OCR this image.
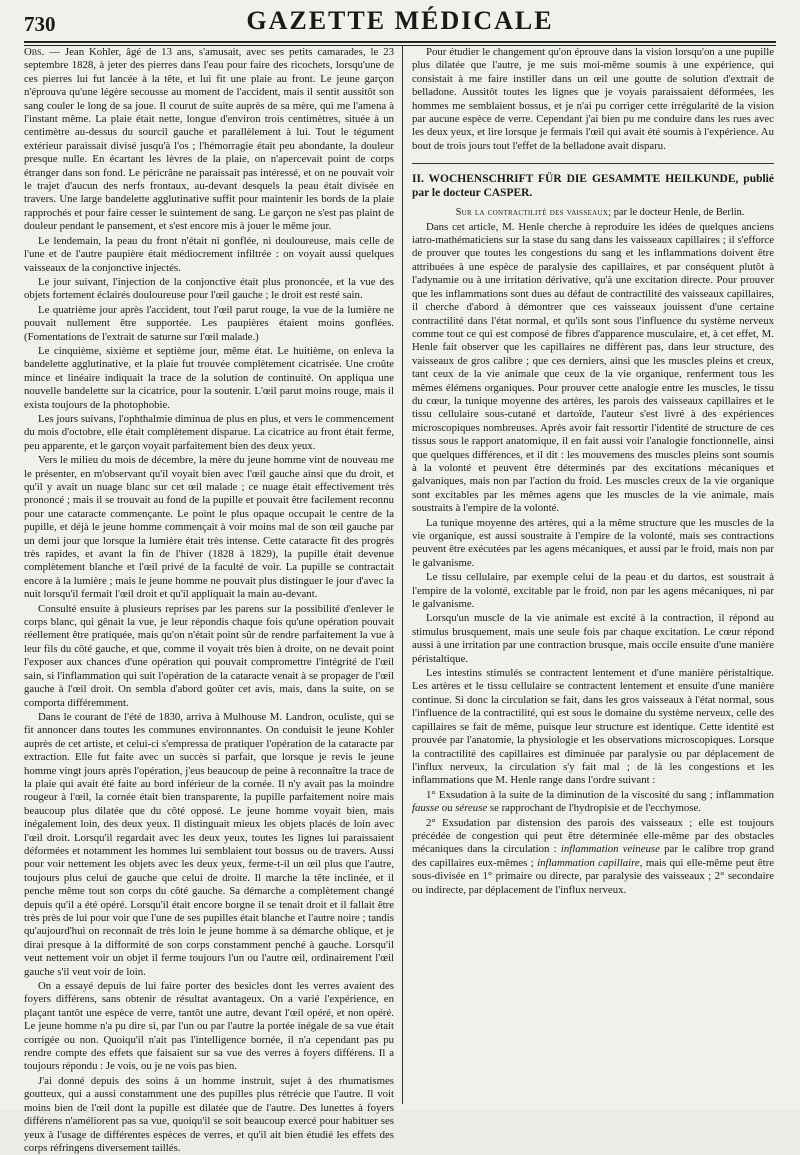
730	GAZETTE MÉDICALE

Obs. — Jean Kohler, âgé de 13 ans, s'amusait, avec ses petits camarades, le 23 septembre 1828, à jeter des pierres dans l'eau pour faire des ricochets, lorsqu'une de ces pierres lui fut lancée à la tête, et lui fit une plaie au front. Le jeune garçon n'éprouva qu'une légère secousse au moment de l'accident, mais il sentit aussitôt son sang couler le long de sa joue. Il courut de suite auprès de sa mère, qui me l'amena à l'instant même. La plaie était nette, longue d'environ trois centimètres, située à un centimètre au-dessus du sourcil gauche et parallèlement à lui. Tout le tégument extérieur paraissait divisé jusqu'à l'os ; l'hémorragie était peu abondante, la douleur presque nulle. En écartant les lèvres de la plaie, on n'apercevait point de corps étranger dans son fond. Le péricrâne ne paraissait pas intéressé, et on ne pouvait voir le trajet d'aucun des nerfs frontaux, au-devant desquels la peau était divisée en travers. Une large bandelette agglutinative suffit pour maintenir les bords de la plaie rapprochés et pour faire cesser le suintement de sang. Le garçon ne s'est pas plaint de douleur pendant le pansement, et s'est encore mis à jouer le même jour.

Le lendemain, la peau du front n'était ni gonflée, ni douloureuse, mais celle de l'une et de l'autre paupière était médiocrement infiltrée : on voyait aussi quelques vaisseaux de la conjonctive injectés.

Le jour suivant, l'injection de la conjonctive était plus prononcée, et la vue des objets fortement éclairés douloureuse pour l'œil gauche ; le droit est resté sain.

Le quatrième jour après l'accident, tout l'œil parut rouge, la vue de la lumière ne pouvait nullement être supportée. Les paupières étaient moins gonflées. (Fomentations de l'extrait de saturne sur l'œil malade.)

Le cinquième, sixième et septième jour, même état. Le huitième, on enleva la bandelette agglutinative, et la plaie fut trouvée complètement cicatrisée. Une croûte mince et linéaire indiquait la trace de la solution de continuité. On appliqua une nouvelle bandelette sur la cicatrice, pour la soutenir. L'œil parut moins rouge, mais il exista toujours de la photophobie.

Les jours suivans, l'ophthalmie diminua de plus en plus, et vers le commencement du mois d'octobre, elle était complètement disparue. La cicatrice au front était ferme, peu apparente, et le garçon voyait parfaitement bien des deux yeux.

Vers le milieu du mois de décembre, la mère du jeune homme vint de nouveau me le présenter, en m'observant qu'il voyait bien avec l'œil gauche ainsi que du droit, et qu'il y avait un nuage blanc sur cet œil malade ; ce nuage était effectivement très prononcé ; mais il se trouvait au fond de la pupille et pouvait être facilement reconnu pour une cataracte commençante. Le point le plus opaque occupait le centre de la pupille, et déjà le jeune homme commençait à voir moins mal de son œil gauche par un demi jour que lorsque la lumière était très intense. Cette cataracte fit des progrès très rapides, et avant la fin de l'hiver (1828 à 1829), la pupille était devenue complètement blanche et l'œil privé de la faculté de voir. La pupille se contractait encore à la lumière ; mais le jeune homme ne pouvait plus distinguer le jour d'avec la nuit lorsqu'il fermait l'œil droit et qu'il appliquait la main au-devant.

Consulté ensuite à plusieurs reprises par les parens sur la possibilité d'enlever le corps blanc, qui gênait la vue, je leur répondis chaque fois qu'une opération pouvait réellement être pratiquée, mais qu'on n'était point sûr de rendre parfaitement la vue à leur fils du côté gauche, et que, comme il voyait très bien à droite, on ne devait point l'exposer aux chances d'une opération qui pouvait compromettre l'intégrité de l'œil sain, si l'inflammation qui suit l'opération de la cataracte venait à se propager de l'œil gauche à l'œil droit. On sembla d'abord goûter cet avis, mais, dans la suite, on se comporta différemment.

Dans le courant de l'été de 1830, arriva à Mulhouse M. Landron, oculiste, qui se fit annoncer dans toutes les communes environnantes. On conduisit le jeune Kohler auprès de cet artiste, et celui-ci s'empressa de pratiquer l'opération de la cataracte par extraction. Elle fut faite avec un succès si parfait, que lorsque je revis le jeune homme vingt jours après l'opération, j'eus beaucoup de peine à reconnaître la trace de la plaie qui avait été faite au bord inférieur de la cornée. Il n'y avait pas la moindre rougeur à l'œil, la cornée était bien transparente, la pupille parfaitement noire mais beaucoup plus dilatée que du côté opposé. Le jeune homme voyait bien, mais inégalement loin, des deux yeux. Il distinguait mieux les objets placés de loin avec l'œil droit. Lorsqu'il regardait avec les deux yeux, toutes les lignes lui paraissaient déformées et notamment les hommes lui semblaient tout bossus ou de travers. Aussi pour voir nettement les objets avec les deux yeux, ferme-t-il un œil plus que l'autre, toujours plus celui de gauche que celui de droite. Il marche la tête inclinée, et il penche même tout son corps du côté gauche. Sa démarche a complètement changé depuis qu'il a été opéré. Lorsqu'il était encore borgne il se tenait droit et il fallait être très près de lui pour voir que l'une de ses pupilles était blanche et l'autre noire ; tandis qu'aujourd'hui on reconnaît de très loin le jeune homme à sa démarche oblique, et je dirai presque à la difformité de son corps constamment penché à gauche. Lorsqu'il veut nettement voir un objet il ferme toujours l'un ou l'autre œil, ordinairement l'œil gauche s'il veut voir de loin.

On a essayé depuis de lui faire porter des besicles dont les verres avaient des foyers différens, sans obtenir de résultat avantageux. On a varié l'expérience, en plaçant tantôt une espèce de verre, tantôt une autre, devant l'œil opéré, et non opéré. Le jeune homme n'a pu dire si, par l'un ou par l'autre la portée inégale de sa vue était corrigée ou non. Quoiqu'il n'ait pas l'intelligence bornée, il n'a cependant pas pu rendre compte des effets que faisaient sur sa vue des verres à foyers différens. Il a toujours répondu : Je vois, ou je ne vois pas bien.

J'ai donné depuis des soins à un homme instruit, sujet à des rhumatismes goutteux, qui a aussi constamment une des pupilles plus rétrécie que l'autre. Il voit moins bien de l'œil dont la pupille est dilatée que de l'autre. Des lunettes à foyers différens n'améliorent pas sa vue, quoiqu'il se soit beaucoup exercé pour habituer ses yeux à l'usage de différentes espèces de verres, et qu'il ait bien étudié les effets des corps réfringens diversement taillés.

Pour étudier le changement qu'on éprouve dans la vision lorsqu'on a une pupille plus dilatée que l'autre, je me suis moi-même soumis à une expérience, qui consistait à me faire instiller dans un œil une goutte de solution d'extrait de belladone. Aussitôt toutes les lignes que je voyais paraissaient déformées, les hommes me semblaient bossus, et je n'ai pu corriger cette irrégularité de la vision par aucune espèce de verre. Cependant j'ai bien pu me conduire dans les rues avec les deux yeux, et lire lorsque je fermais l'œil qui avait été soumis à l'expérience. Au bout de trois jours tout l'effet de la belladone avait disparu.

II. WOCHENSCHRIFT FÜR DIE GESAMMTE HEILKUNDE, publié par le docteur CASPER.

Sur la contractilité des vaisseaux; par le docteur Henle, de Berlin.

Dans cet article, M. Henle cherche à reproduire les idées de quelques anciens iatro-mathématiciens sur la stase du sang dans les vaisseaux capillaires ; il s'efforce de prouver que toutes les congestions du sang et les inflammations doivent être attribuées à une espèce de paralysie des capillaires, et par conséquent plutôt à l'adynamie ou à une irritation dérivative, qu'à une excitation directe. Pour prouver que les inflammations sont dues au défaut de contractilité des vaisseaux capillaires, il cherche d'abord à démontrer que ces vaisseaux jouissent d'une certaine contractilité dans l'état normal, et qu'ils sont sous l'influence du système nerveux comme tout ce qui est composé de fibres d'apparence musculaire, et, à cet effet, M. Henle fait observer que les capillaires ne diffèrent pas, dans leur structure, des vaisseaux de gros calibre ; que ces derniers, ainsi que les muscles pleins et creux, tant ceux de la vie animale que ceux de la vie organique, renferment tous les mêmes élémens organiques. Pour prouver cette analogie entre les muscles, le tissu du cœur, la tunique moyenne des artères, les parois des vaisseaux capillaires et le tissu cellulaire sous-cutané et dartoïde, l'auteur s'est livré à des expériences microscopiques nombreuses. Après avoir fait ressortir l'identité de structure de ces tissus sous le rapport anatomique, il en fait aussi voir l'analogie fonctionnelle, ainsi que quelques différences, et il dit : les mouvemens des muscles pleins sont soumis à la volonté et peuvent être déterminés par des excitations mécaniques et galvaniques, mais non par l'action du froid. Les muscles creux de la vie organique sont excitables par les mêmes agens que les muscles de la vie animale, mais soustraits à l'empire de la volonté.

La tunique moyenne des artères, qui a la même structure que les muscles de la vie organique, est aussi soustraite à l'empire de la volonté, mais ses contractions peuvent être exécutées par les agens mécaniques, et aussi par le froid, mais non par le galvanisme.

Le tissu cellulaire, par exemple celui de la peau et du dartos, est soustrait à l'empire de la volonté, excitable par le froid, non par les agens mécaniques, ni par le galvanisme.

Lorsqu'un muscle de la vie animale est excité à la contraction, il répond au stimulus brusquement, mais une seule fois par chaque excitation. Le cœur répond aussi à une irritation par une contraction brusque, mais occile ensuite d'une manière péristaltique.

Les intestins stimulés se contractent lentement et d'une manière péristaltique. Les artères et le tissu cellulaire se contractent lentement et ensuite d'une manière continue. Si donc la circulation se fait, dans les gros vaisseaux à l'état normal, sous l'influence de la contractilité, qui est sous le domaine du système nerveux, celle des capillaires se fait de même, puisque leur structure est identique. Cette identité est prouvée par l'anatomie, la physiologie et les observations microscopiques. Lorsque la contractilité des capillaires est diminuée par paralysie ou par déplacement de l'influx nerveux, la circulation s'y fait mal ; de là les congestions et les inflammations que M. Henle range dans l'ordre suivant :

1° Exsudation à la suite de la diminution de la viscosité du sang ; inflammation fausse ou séreuse se rapprochant de l'hydropisie et de l'ecchymose.

2° Exsudation par distension des parois des vaisseaux ; elle est toujours précédée de congestion qui peut être déterminée elle-même par des obstacles mécaniques dans la circulation : inflammation veineuse par le calibre trop grand des capillaires eux-mêmes ; inflammation capillaire, mais qui elle-même peut être sous-divisée en 1° primaire ou directe, par paralysie des vaisseaux ; 2° secondaire ou indirecte, par déplacement de l'influx nerveux.
